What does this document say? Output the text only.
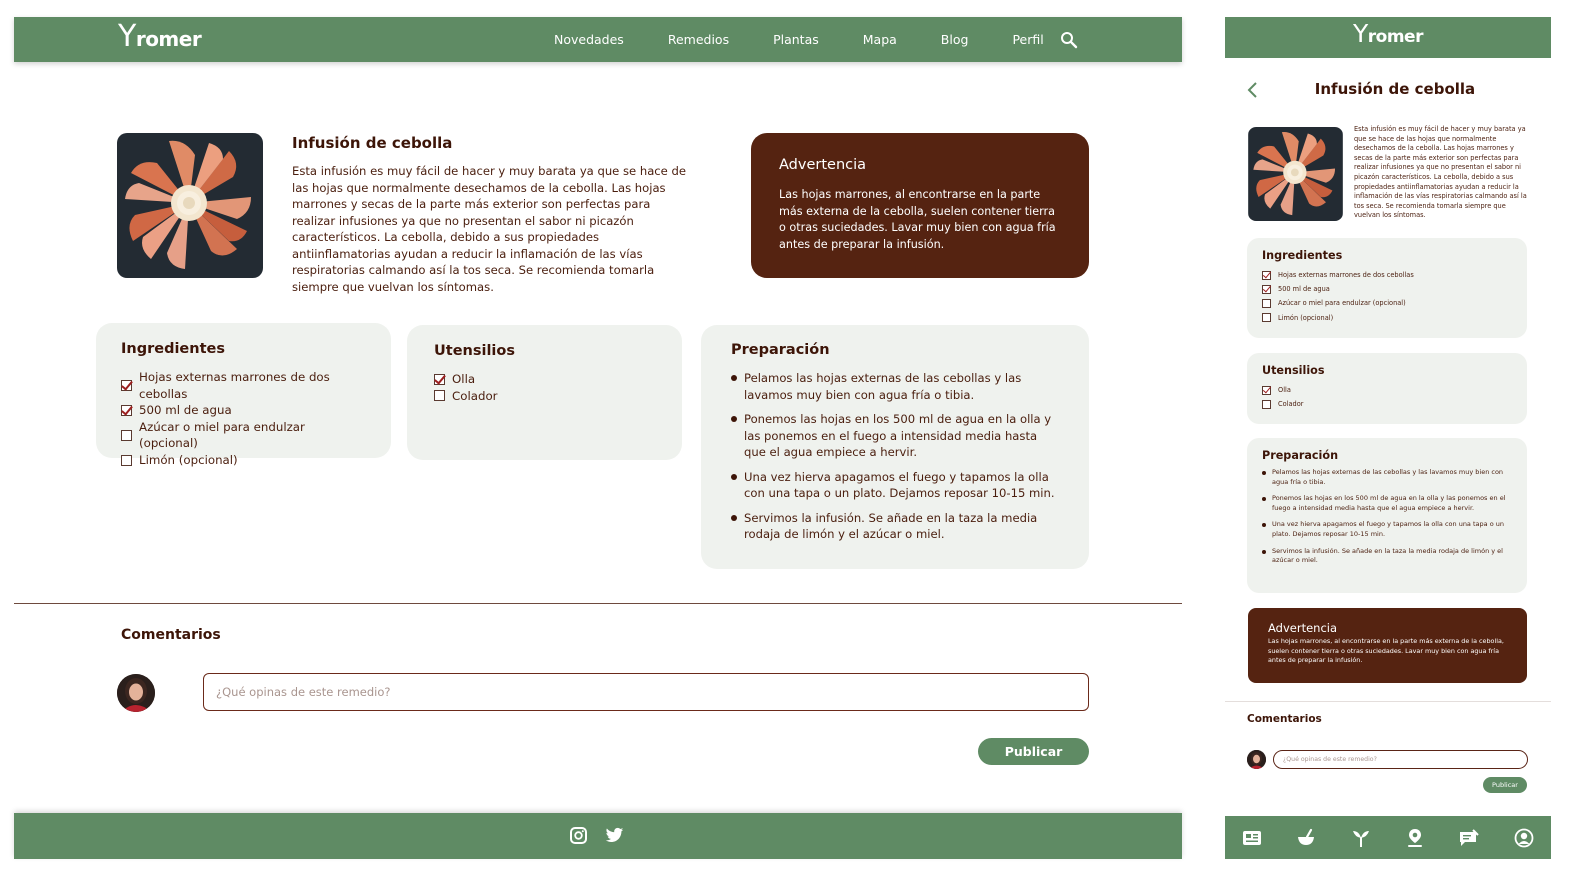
Yromer	Novedades	Remedios	Plantas	Mapa	Blog	Perfil
Infusión de cebolla

Esta infusión es muy fácil de hacer y muy barata ya que se hace de las hojas que normalmente desechamos de la cebolla. Las hojas marrones y secas de la parte más exterior son perfectas para realizar infusiones ya que no presentan el sabor ni picazón característicos. La cebolla, debido a sus propiedades antiinflamatorias ayudan a reducir la inflamación de las vías respiratorias calmando así la tos seca. Se recomienda tomarla siempre que vuelvan los síntomas.

Advertencia

Las hojas marrones, al encontrarse en la parte más externa de la cebolla, suelen contener tierra o otras suciedades. Lavar muy bien con agua fría antes de preparar la infusión.

Ingredientes
Hojas externas marrones de dos cebollas
500 ml de agua
Azúcar o miel para endulzar (opcional)
Limón (opcional)
Utensilios
Olla
Colador
Preparación
Pelamos las hojas externas de las cebollas y las lavamos muy bien con agua fría o tibia.
Ponemos las hojas en los 500 ml de agua en la olla y las ponemos en el fuego a intensidad media hasta que el agua empiece a hervir.
Una vez hierva apagamos el fuego y tapamos la olla con una tapa o un plato. Dejamos reposar 10-15 min.
Servimos la infusión. Se añade en la taza la media rodaja de limón y el azúcar o miel.
Comentarios
¿Qué opinas de este remedio?
Publicar
Yromer
Infusión de cebolla

Esta infusión es muy fácil de hacer y muy barata ya que se hace de las hojas que normalmente desechamos de la cebolla. Las hojas marrones y secas de la parte más exterior son perfectas para realizar infusiones ya que no presentan el sabor ni picazón característicos. La cebolla, debido a sus propiedades antiinflamatorias ayudan a reducir la inflamación de las vías respiratorias calmando así la tos seca. Se recomienda tomarla siempre que vuelvan los síntomas.

Ingredientes
Hojas externas marrones de dos cebollas
500 ml de agua
Azúcar o miel para endulzar (opcional)
Limón (opcional)
Utensilios
Olla
Colador
Preparación
Pelamos las hojas externas de las cebollas y las lavamos muy bien con agua fría o tibia.
Ponemos las hojas en los 500 ml de agua en la olla y las ponemos en el fuego a intensidad media hasta que el agua empiece a hervir.
Una vez hierva apagamos el fuego y tapamos la olla con una tapa o un plato. Dejamos reposar 10-15 min.
Servimos la infusión. Se añade en la taza la media rodaja de limón y el azúcar o miel.
Advertencia

Las hojas marrones, al encontrarse en la parte más externa de la cebolla, suelen contener tierra o otras suciedades. Lavar muy bien con agua fría antes de preparar la infusión.

Comentarios
¿Qué opinas de este remedio?
Publicar
